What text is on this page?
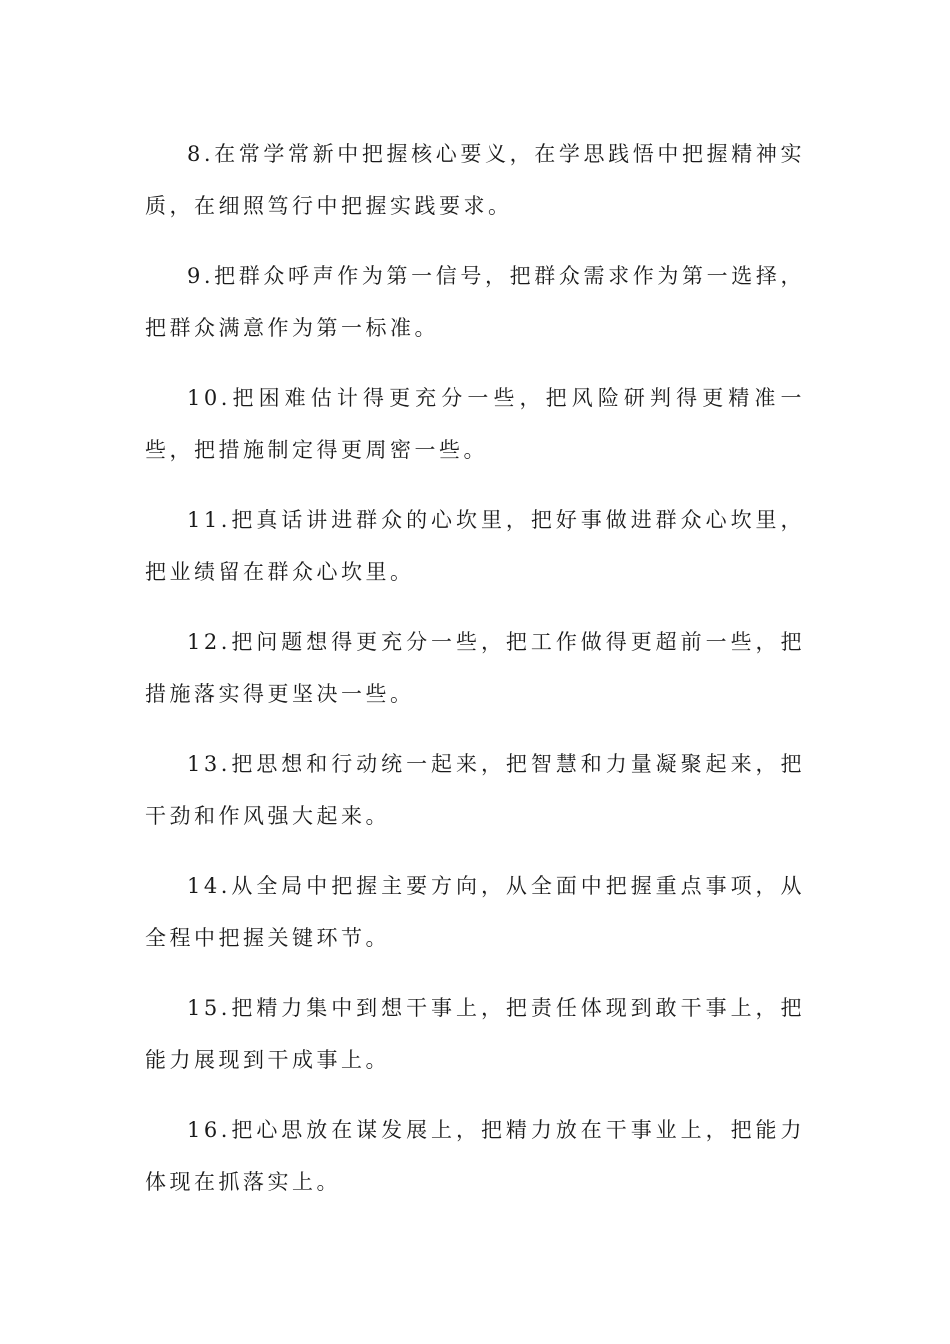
8.在常学常新中把握核心要义，在学思践悟中把握精神实质，在细照笃行中把握实践要求。

9.把群众呼声作为第一信号，把群众需求作为第一选择，把群众满意作为第一标准。

10.把困难估计得更充分一些，把风险研判得更精准一些，把措施制定得更周密一些。

11.把真话讲进群众的心坎里，把好事做进群众心坎里，把业绩留在群众心坎里。

12.把问题想得更充分一些，把工作做得更超前一些，把措施落实得更坚决一些。

13.把思想和行动统一起来，把智慧和力量凝聚起来，把干劲和作风强大起来。

14.从全局中把握主要方向，从全面中把握重点事项，从全程中把握关键环节。

15.把精力集中到想干事上，把责任体现到敢干事上，把能力展现到干成事上。

16.把心思放在谋发展上，把精力放在干事业上，把能力体现在抓落实上。
